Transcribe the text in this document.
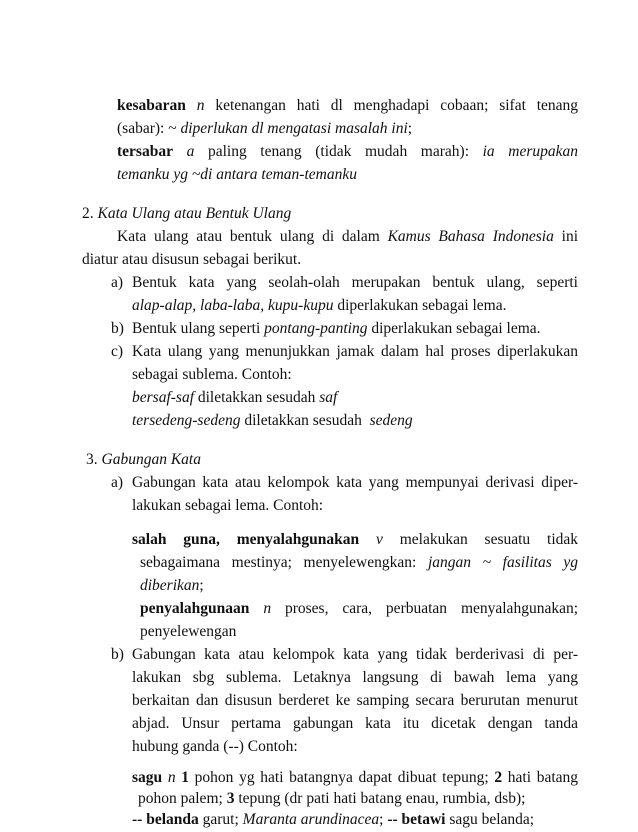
kesabaran n ketenangan hati dl menghadapi cobaan; sifat tenang
(sabar): ~ diperlukan dl mengatasi masalah ini;
tersabar a paling tenang (tidak mudah marah): ia merupakan
temanku yg ~di antara teman-temanku
2. Kata Ulang atau Bentuk Ulang
Kata ulang atau bentuk ulang di dalam Kamus Bahasa Indonesia ini
diatur atau disusun sebagai berikut.
a) Bentuk kata yang seolah-olah merupakan bentuk ulang, seperti
alap-alap, laba-laba, kupu-kupu diperlakukan sebagai lema.
b) Bentuk ulang seperti pontang-panting diperlakukan sebagai lema.
c) Kata ulang yang menunjukkan jamak dalam hal proses diperlakukan
sebagai sublema. Contoh:
bersaf-saf diletakkan sesudah saf
tersedeng-sedeng diletakkan sesudah sedeng
3. Gabungan Kata
a) Gabungan kata atau kelompok kata yang mempunyai derivasi diper-
lakukan sebagai lema. Contoh:
salah guna, menyalahgunakan v melakukan sesuatu tidak
sebagaimana mestinya; menyelewengkan: jangan ~ fasilitas yg
diberikan;
penyalahgunaan n proses, cara, perbuatan menyalahgunakan;
penyelewengan
b) Gabungan kata atau kelompok kata yang tidak berderivasi di per-
lakukan sbg sublema. Letaknya langsung di bawah lema yang
berkaitan dan disusun berderet ke samping secara berurutan menurut
abjad. Unsur pertama gabungan kata itu dicetak dengan tanda
hubung ganda (--) Contoh:
sagu n 1 pohon yg hati batangnya dapat dibuat tepung; 2 hati batang
pohon palem; 3 tepung (dr pati hati batang enau, rumbia, dsb);
-- belanda garut; Maranta arundinacea; -- betawi sagu belanda;
